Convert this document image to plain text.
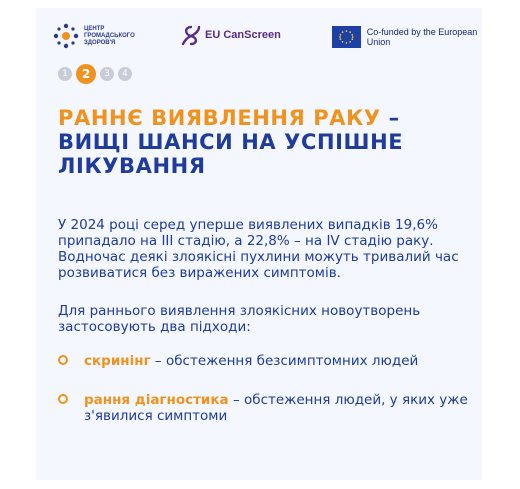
ЦЕНТР ГРОМАДСЬКОГО ЗДОРОВ'Я
EU CanScreen	Co-funded by the European Union
1	2	3	4
РАННЄ ВИЯВЛЕННЯ РАКУ – ВИЩІ ШАНСИ НА УСПІШНЕ ЛІКУВАННЯ
У 2024 році серед уперше виявлених випадків 19,6% припадало на III стадію, а 22,8% – на IV стадію раку. Водночас деякі злоякісні пухлини можуть тривалий час розвиватися без виражених симптомів.
Для раннього виявлення злоякісних новоутворень застосовують два підходи:
скринінг – обстеження безсимптомних людей
рання діагностика – обстеження людей, у яких уже з'явилися симптоми
